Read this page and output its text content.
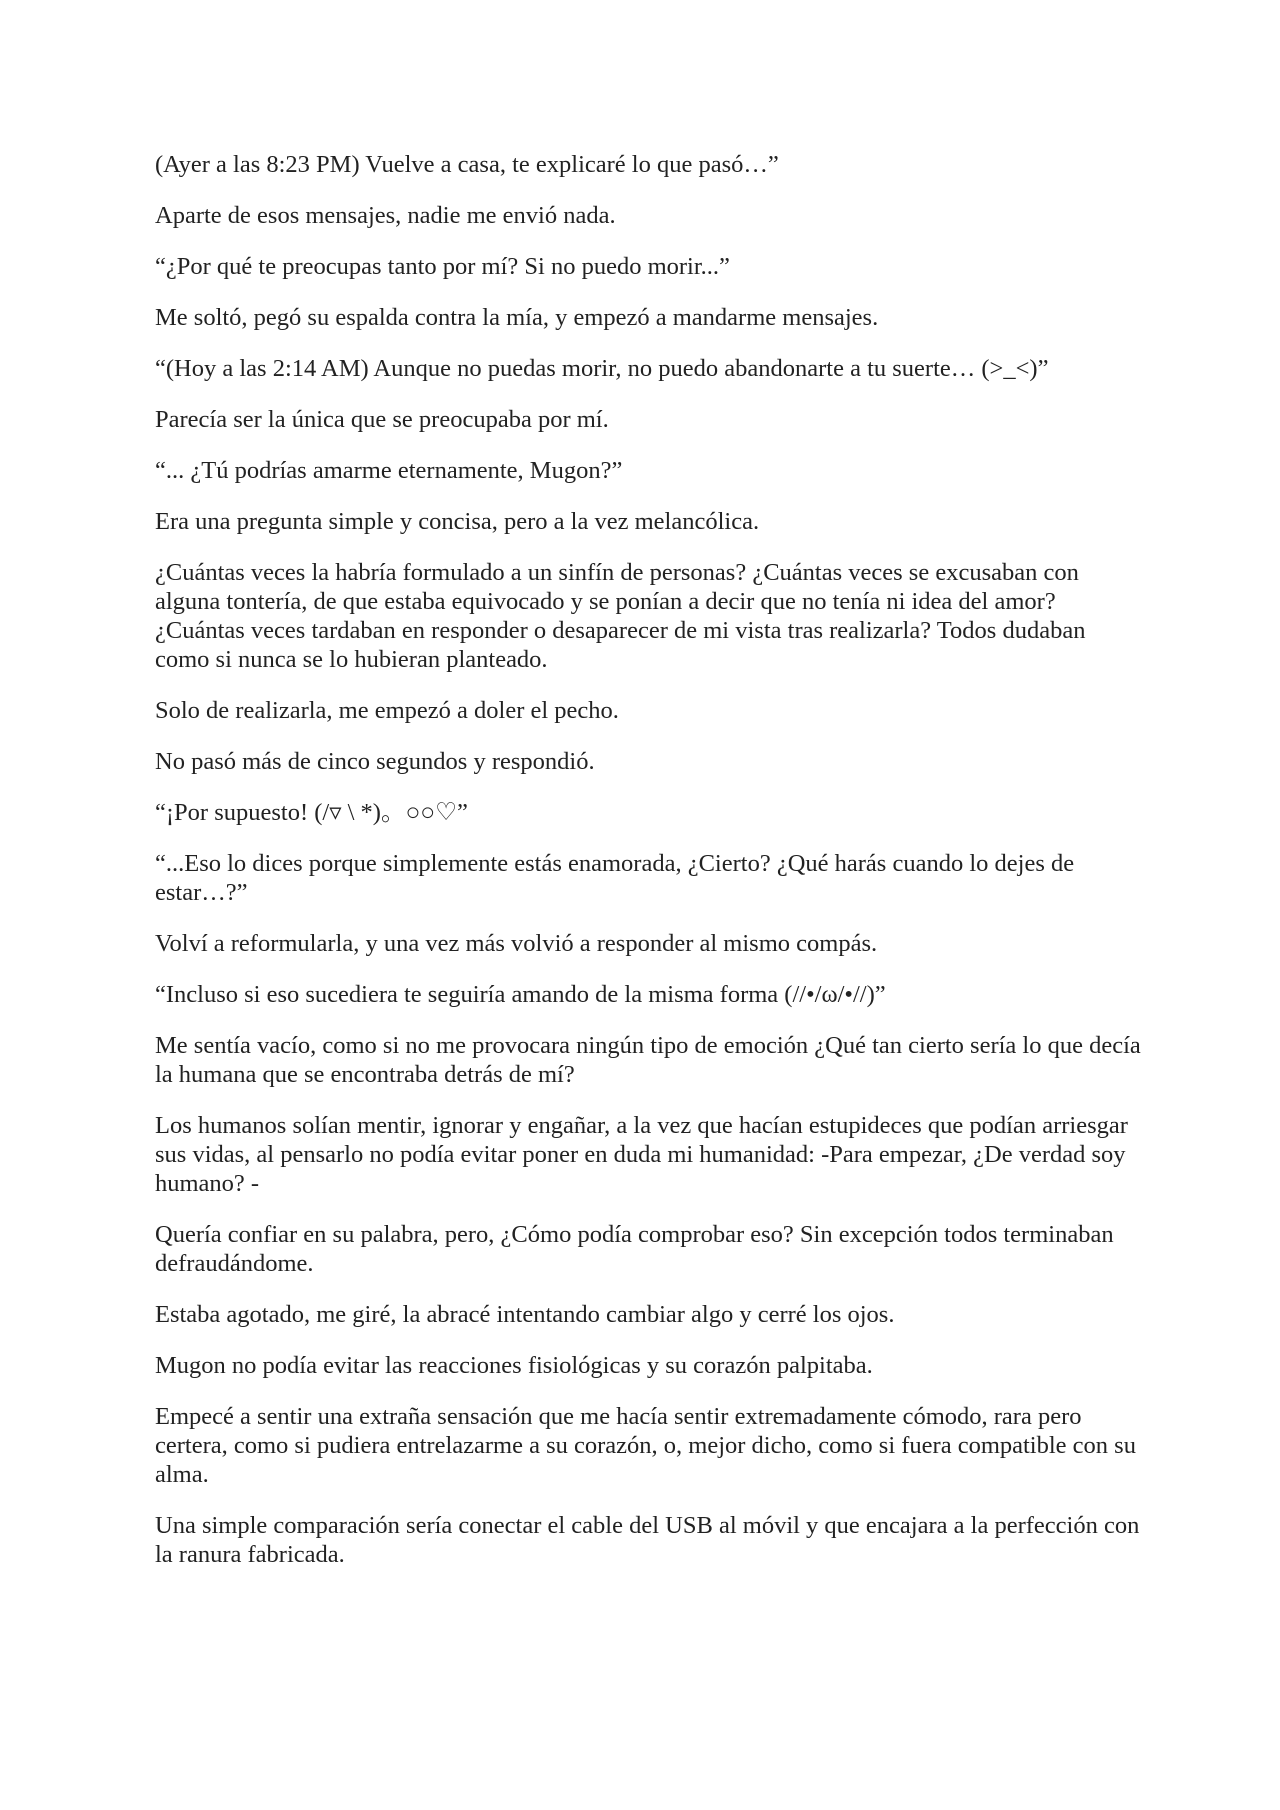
(Ayer a las 8:23 PM) Vuelve a casa, te explicaré lo que pasó…”

Aparte de esos mensajes, nadie me envió nada.

“¿Por qué te preocupas tanto por mí? Si no puedo morir...”

Me soltó, pegó su espalda contra la mía, y empezó a mandarme mensajes.

“(Hoy a las 2:14 AM) Aunque no puedas morir, no puedo abandonarte a tu suerte… (>_<)”

Parecía ser la única que se preocupaba por mí.

“... ¿Tú podrías amarme eternamente, Mugon?”

Era una pregunta simple y concisa, pero a la vez melancólica.

¿Cuántas veces la habría formulado a un sinfín de personas? ¿Cuántas veces se excusaban con alguna tontería, de que estaba equivocado y se ponían a decir que no tenía ni idea del amor? ¿Cuántas veces tardaban en responder o desaparecer de mi vista tras realizarla? Todos dudaban como si nunca se lo hubieran planteado.

Solo de realizarla, me empezó a doler el pecho.

No pasó más de cinco segundos y respondió.

“¡Por supuesto! (/▿ \ *)。○○♡”

“...Eso lo dices porque simplemente estás enamorada, ¿Cierto? ¿Qué harás cuando lo dejes de estar…?”

Volví a reformularla, y una vez más volvió a responder al mismo compás.

“Incluso si eso sucediera te seguiría amando de la misma forma (//•/ω/•//)”

Me sentía vacío, como si no me provocara ningún tipo de emoción ¿Qué tan cierto sería lo que decía la humana que se encontraba detrás de mí?

Los humanos solían mentir, ignorar y engañar, a la vez que hacían estupideces que podían arriesgar sus vidas, al pensarlo no podía evitar poner en duda mi humanidad: -Para empezar, ¿De verdad soy humano? -

Quería confiar en su palabra, pero, ¿Cómo podía comprobar eso? Sin excepción todos terminaban defraudándome.

Estaba agotado, me giré, la abracé intentando cambiar algo y cerré los ojos.

Mugon no podía evitar las reacciones fisiológicas y su corazón palpitaba.

Empecé a sentir una extraña sensación que me hacía sentir extremadamente cómodo, rara pero certera, como si pudiera entrelazarme a su corazón, o, mejor dicho, como si fuera compatible con su alma.

Una simple comparación sería conectar el cable del USB al móvil y que encajara a la perfección con la ranura fabricada.
